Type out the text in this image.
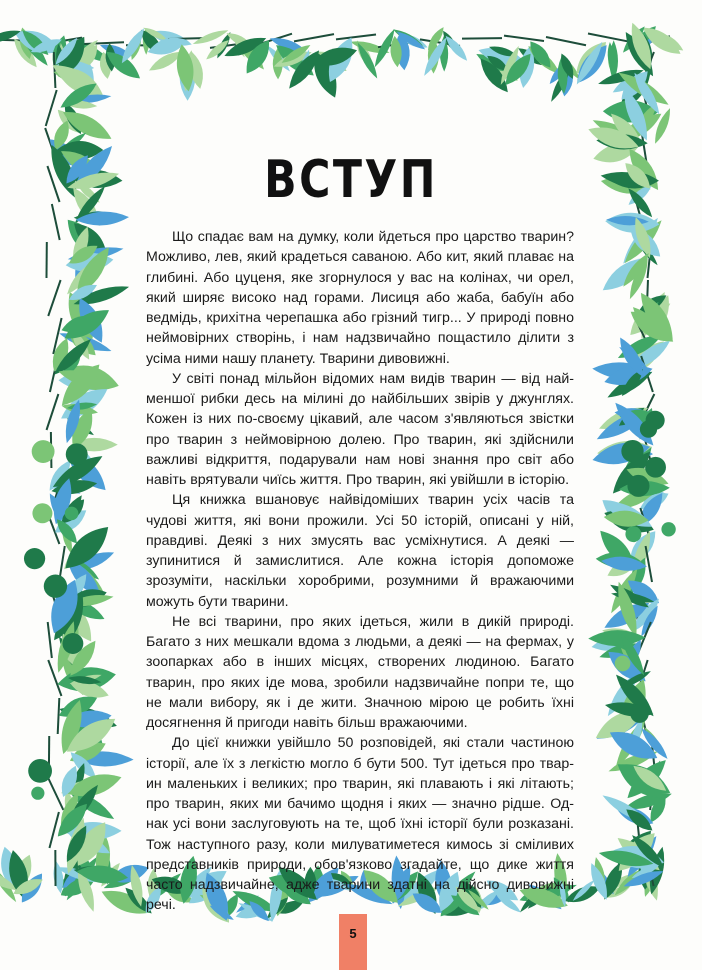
ВСТУП

Що спадає вам на думку, коли йдеться про царство тварин? Можливо, лев, який крадеться саваною. Або кит, який плаває на глибині. Або цуценя, яке згорнулося у вас на колінах, чи орел, який ширяє високо над горами. Лисиця або жаба, бабуїн або ведмідь, крихітна черепашка або грізний тигр... У природі повно неймовірних створінь, і нам надзвичайно пощастило ділити з усіма ними нашу планету. Тварини дивовижні.

У світі понад мільйон відомих нам видів тварин — від найменшої рибки десь на мілині до найбільших звірів у джунглях. Кожен із них по-своєму цікавий, але часом з'являються звістки про тварин з неймовірною долею. Про тварин, які здійснили важливі відкриття, подарували нам нові знання про світ або навіть врятували чиїсь життя. Про тварин, які увійшли в історію.

Ця книжка вшановує найвідоміших тварин усіх часів та чудові життя, які вони прожили. Усі 50 історій, описані у ній, правдиві. Деякі з них змусять вас усміхнутися. А деякі — зупинитися й замислитися. Але кожна історія допоможе зрозуміти, наскільки хоробрими, розумними й вражаючими можуть бути тварини.

Не всі тварини, про яких ідеться, жили в дикій природі. Багато з них мешкали вдома з людьми, а деякі — на фермах, у зоопарках або в інших місцях, створених людиною. Багато тварин, про яких іде мова, зробили надзвичайне попри те, що не мали вибору, як і де жити. Значною мірою це робить їхні досягнення й пригоди навіть більш вражаючими.

До цієї книжки увійшло 50 розповідей, які стали частиною історії, але їх з легкістю могло б бути 500. Тут ідеться про тварин маленьких і великих; про тварин, які плавають і які літають; про тварин, яких ми бачимо щодня і яких — значно рідше. Однак усі вони заслуговують на те, щоб їхні історії були розказані. Тож наступного разу, коли милуватиметеся кимось зі сміливих представників природи, обов'язково згадайте, що дике життя часто надзвичайне, адже тварини здатні на дійсно дивовижні речі.

5
